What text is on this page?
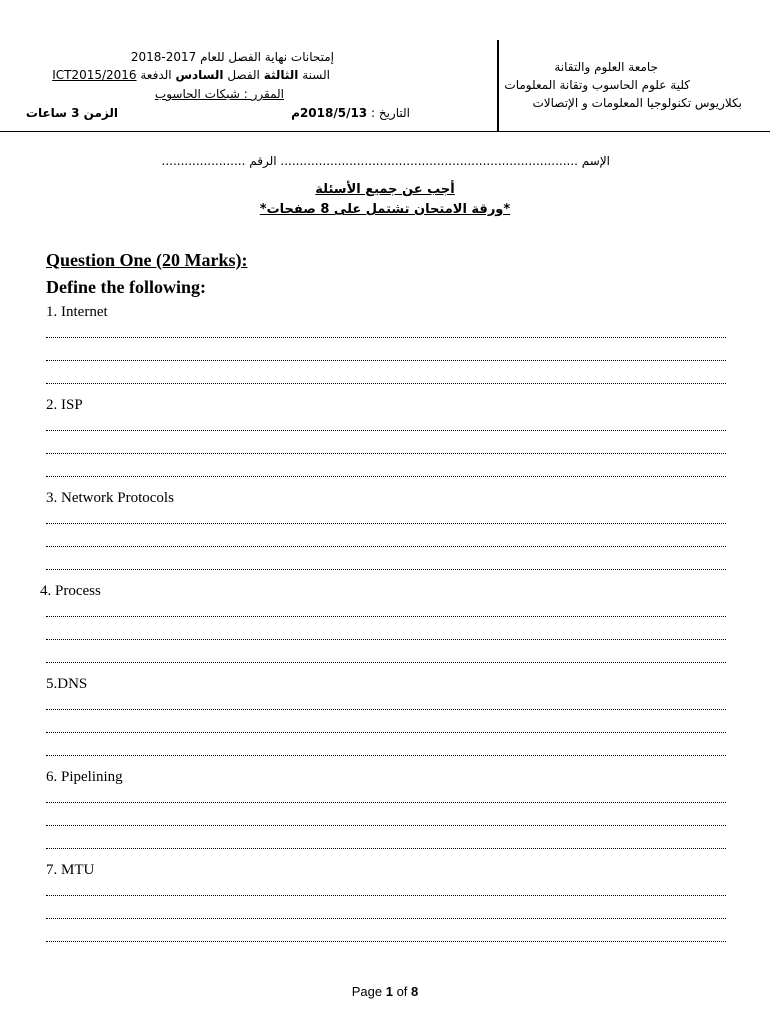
جامعة العلوم والتقانة
كلية علوم الحاسوب وتقانة المعلومات
بكلاريوس تكنولوجيا المعلومات و الإتصالات
إمتحانات نهاية الفصل للعام 2017-2018
السنة الثالثة الفصل السادس الدفعة ICT2015/2016
المقرر : شبكات الحاسوب
التاريخ : 2018/5/13م
الزمن 3 ساعات
الإسم .............................................................................. الرقم ......................
أجب عن جميع الأسئلة
*ورقة الامتحان تشتمل على 8 صفحات*
Question One (20 Marks):
Define the following:
1. Internet
2. ISP
3. Network Protocols
4. Process
5.DNS
6. Pipelining
7. MTU
Page 1 of 8
